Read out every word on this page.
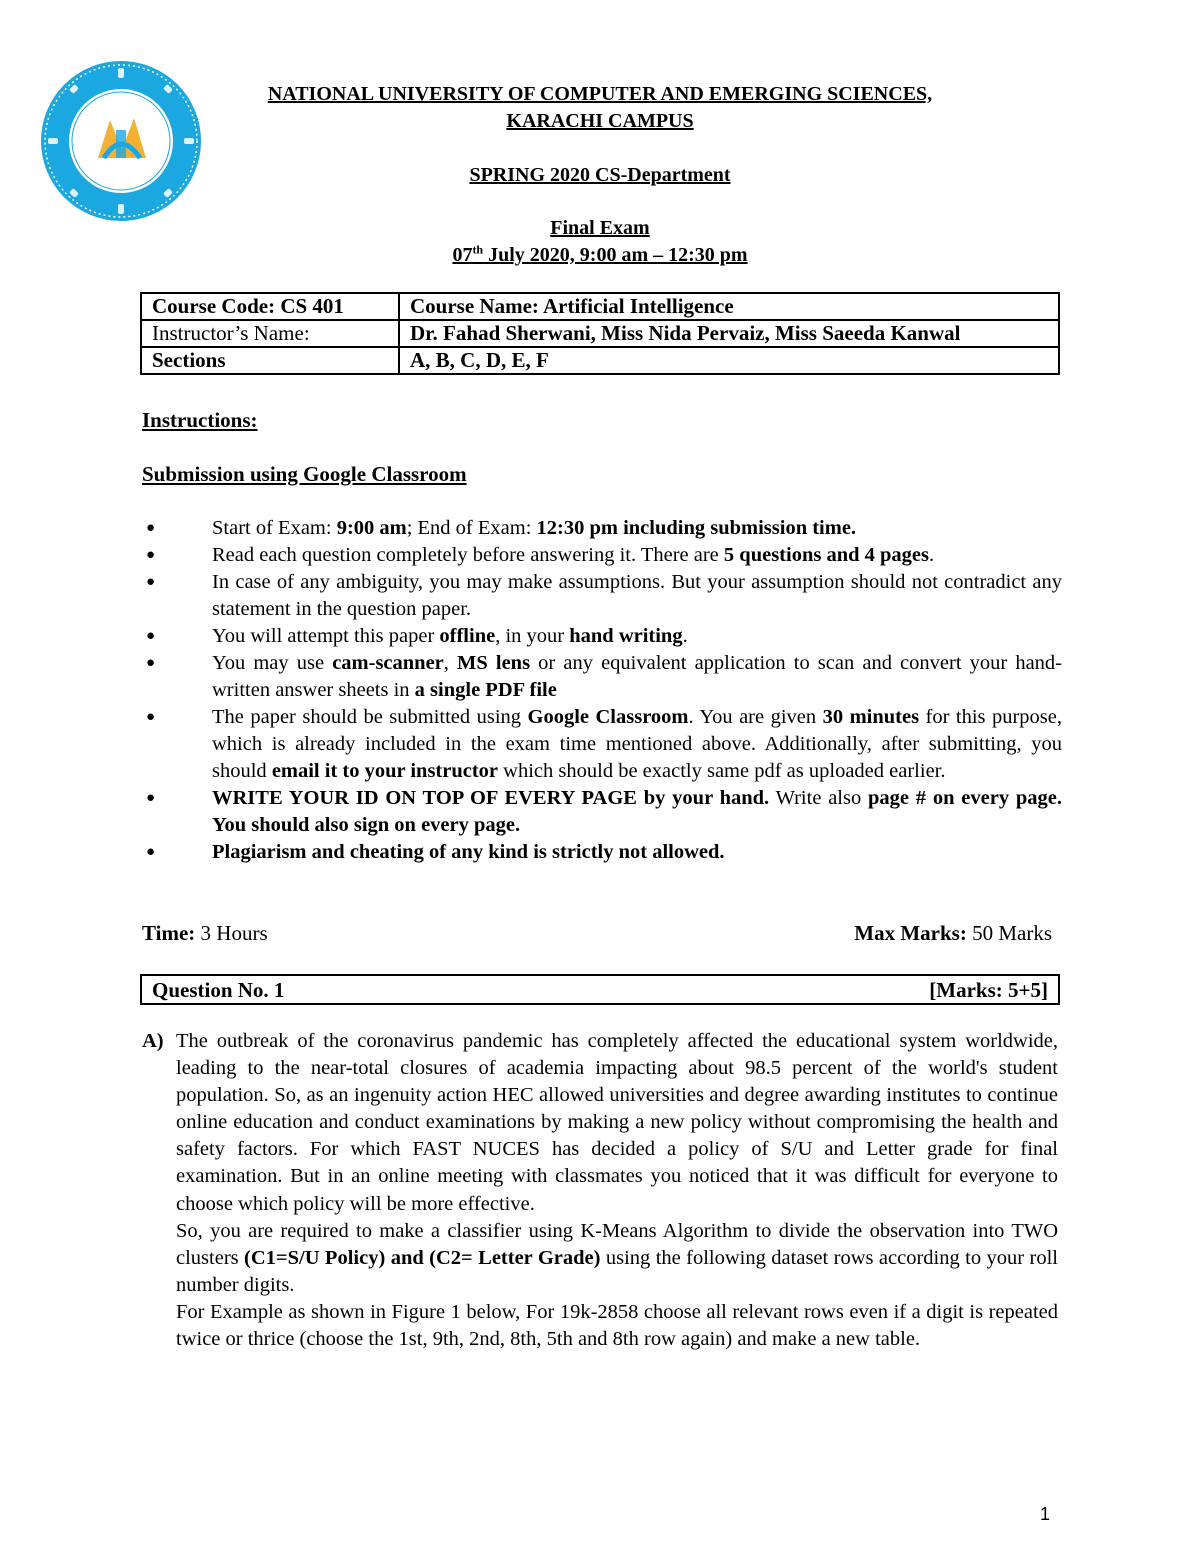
NATIONAL UNIVERSITY OF COMPUTER AND EMERGING SCIENCES,
KARACHI CAMPUS
SPRING 2020 CS-Department
Final Exam
07th July 2020, 9:00 am – 12:30 pm
Course Code: CS 401	Course Name: Artificial Intelligence
Instructor’s Name:	Dr. Fahad Sherwani, Miss Nida Pervaiz, Miss Saeeda Kanwal
Sections	A, B, C, D, E, F
Instructions:
Submission using Google Classroom
●	Start of Exam: 9:00 am; End of Exam: 12:30 pm including submission time.
●	Read each question completely before answering it. There are 5 questions and 4 pages.
●	In case of any ambiguity, you may make assumptions. But your assumption should not contradict any statement in the question paper.
●	You will attempt this paper offline, in your hand writing.
●	You may use cam-scanner, MS lens or any equivalent application to scan and convert your hand-written answer sheets in a single PDF file
●	The paper should be submitted using Google Classroom. You are given 30 minutes for this purpose, which is already included in the exam time mentioned above. Additionally, after submitting, you should email it to your instructor which should be exactly same pdf as uploaded earlier.
●	WRITE YOUR ID ON TOP OF EVERY PAGE by your hand. Write also page # on every page. You should also sign on every page.
●	Plagiarism and cheating of any kind is strictly not allowed.
Time: 3 Hours	Max Marks: 50 Marks
Question No. 1	[Marks: 5+5]
A) The outbreak of the coronavirus pandemic has completely affected the educational system worldwide, leading to the near-total closures of academia impacting about 98.5 percent of the world's student population. So, as an ingenuity action HEC allowed universities and degree awarding institutes to continue online education and conduct examinations by making a new policy without compromising the health and safety factors. For which FAST NUCES has decided a policy of S/U and Letter grade for final examination. But in an online meeting with classmates you noticed that it was difficult for everyone to choose which policy will be more effective.

So, you are required to make a classifier using K-Means Algorithm to divide the observation into TWO clusters (C1=S/U Policy) and (C2= Letter Grade) using the following dataset rows according to your roll number digits.

For Example as shown in Figure 1 below, For 19k-2858 choose all relevant rows even if a digit is repeated twice or thrice (choose the 1st, 9th, 2nd, 8th, 5th and 8th row again) and make a new table.

1
